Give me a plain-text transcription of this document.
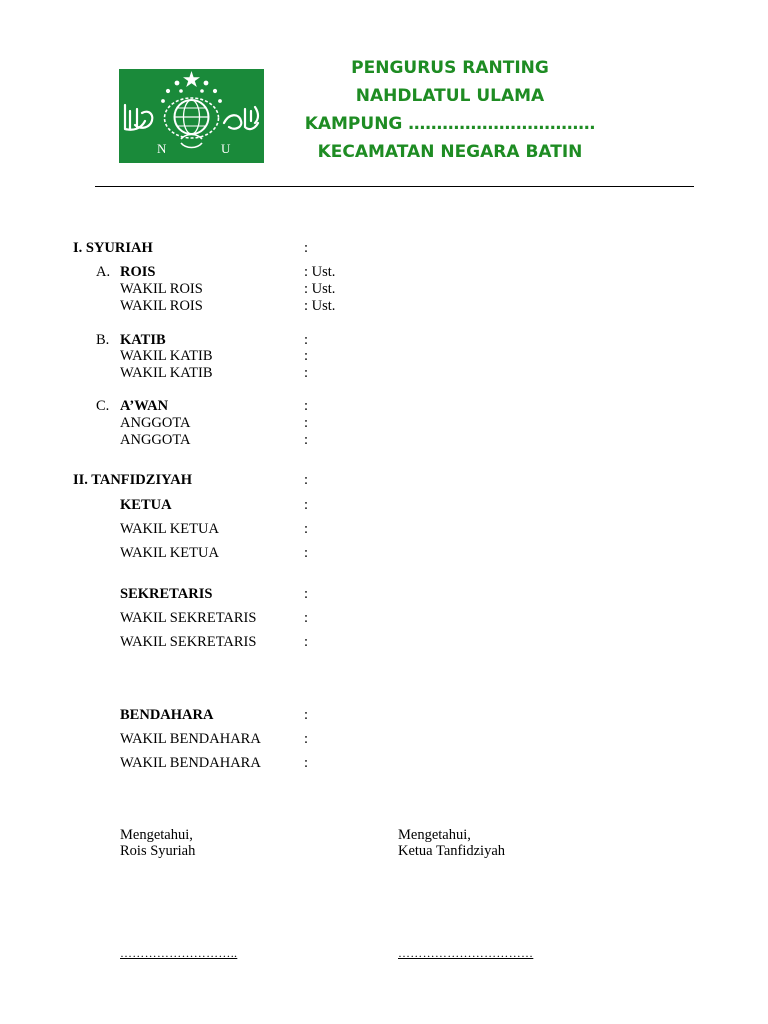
N	U
PENGURUS RANTING
NAHDLATUL ULAMA
KAMPUNG ……………………………
KECAMATAN NEGARA BATIN
I. SYURIAH	:
A. ROIS	: Ust.
WAKIL ROIS	: Ust.
WAKIL ROIS	: Ust.
B. KATIB	:
WAKIL KATIB	:
WAKIL KATIB	:
C. A’WAN	:
ANGGOTA	:
ANGGOTA	:
II. TANFIDZIYAH	:
KETUA	:
WAKIL KETUA	:
WAKIL KETUA	:
SEKRETARIS	:
WAKIL SEKRETARIS	:
WAKIL SEKRETARIS	:
BENDAHARA	:
WAKIL BENDAHARA	:
WAKIL BENDAHARA	:
Mengetahui,
Rois Syuriah
Mengetahui,
Ketua Tanfidziyah
………………………..	……………………………
